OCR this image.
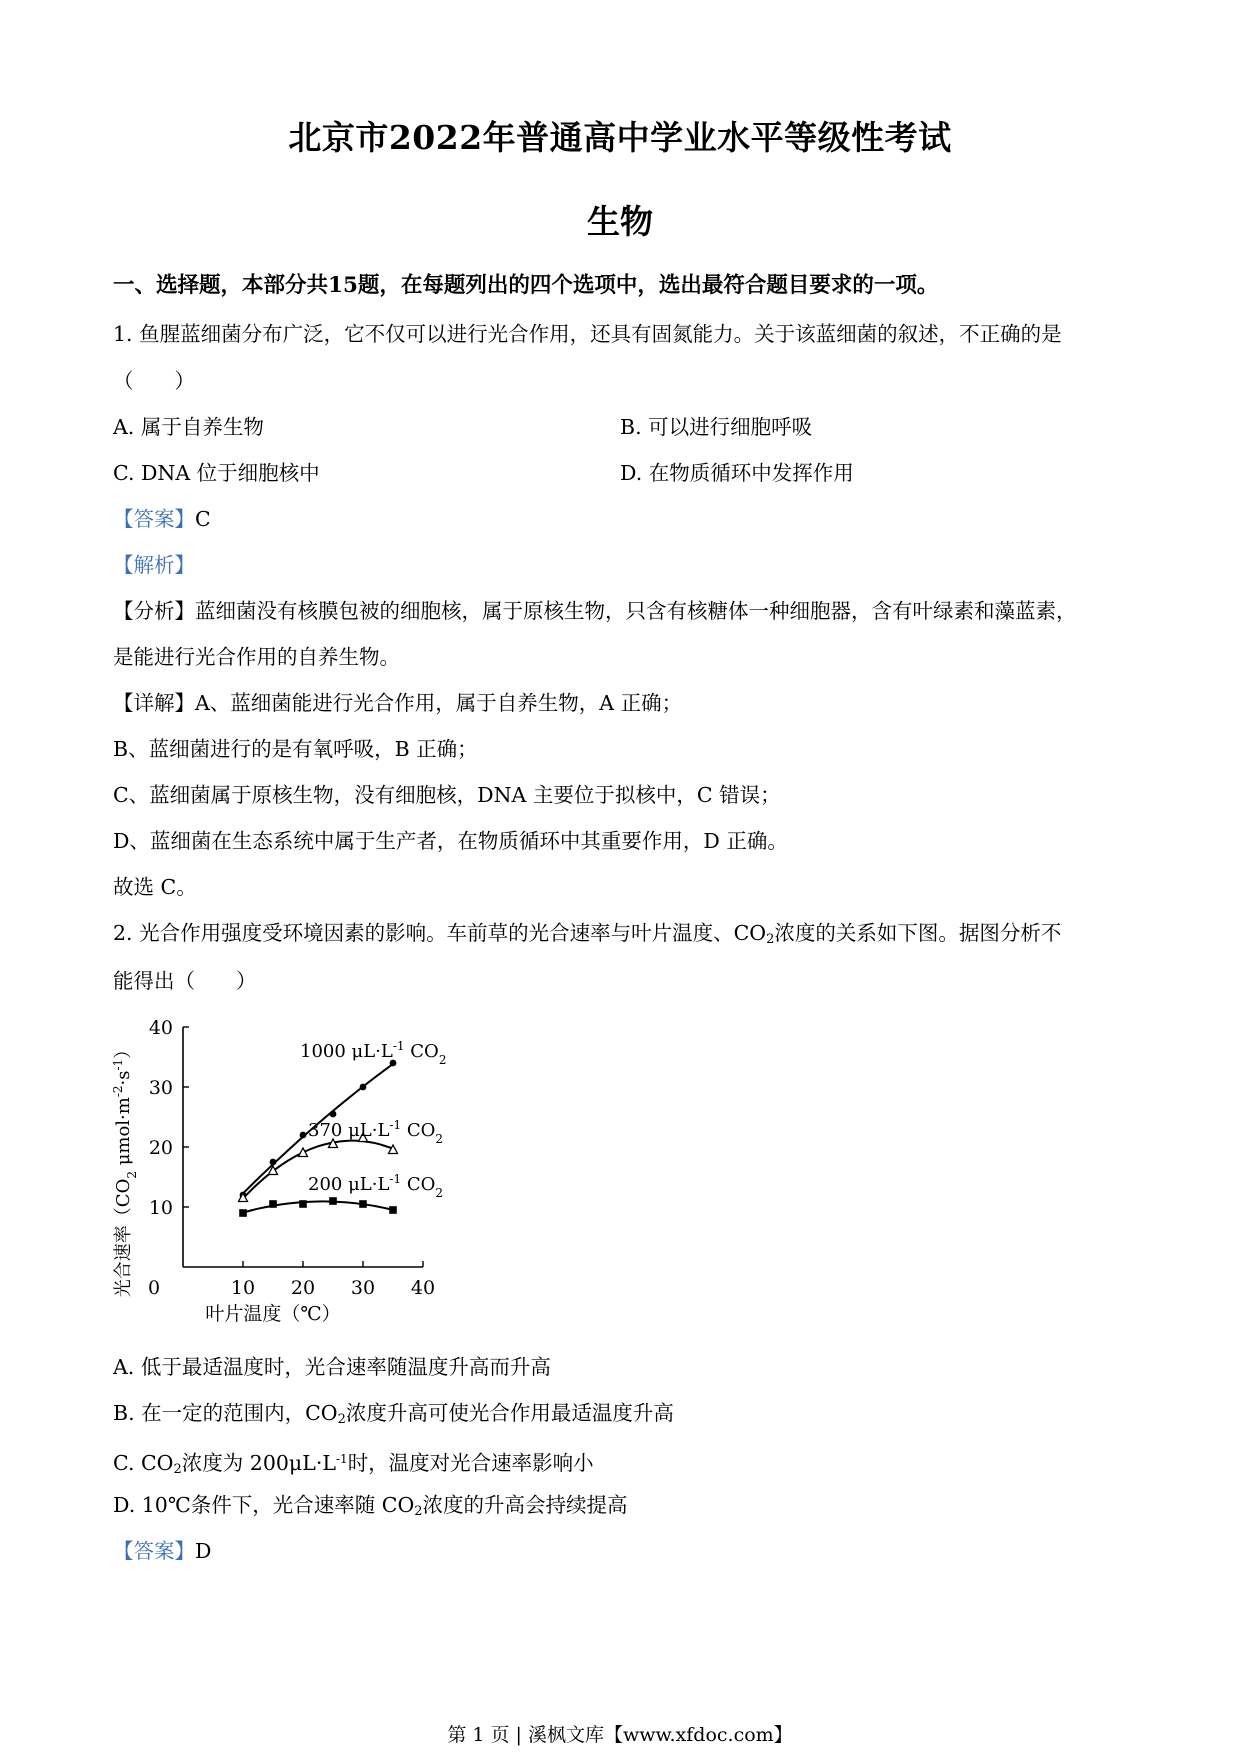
北京市2022年普通高中学业水平等级性考试
生物
一、选择题，本部分共15题，在每题列出的四个选项中，选出最符合题目要求的一项。
1. 鱼腥蓝细菌分布广泛，它不仅可以进行光合作用，还具有固氮能力。关于该蓝细菌的叙述，不正确的是
（　　）
A. 属于自养生物	B. 可以进行细胞呼吸
C. DNA 位于细胞核中	D. 在物质循环中发挥作用
【答案】C
【解析】
【分析】蓝细菌没有核膜包被的细胞核，属于原核生物，只含有核糖体一种细胞器，含有叶绿素和藻蓝素，
是能进行光合作用的自养生物。
【详解】A、蓝细菌能进行光合作用，属于自养生物，A 正确；
B、蓝细菌进行的是有氧呼吸，B 正确；
C、蓝细菌属于原核生物，没有细胞核，DNA 主要位于拟核中，C 错误；
D、蓝细菌在生态系统中属于生产者，在物质循环中其重要作用，D 正确。
故选 C。
2. 光合作用强度受环境因素的影响。车前草的光合速率与叶片温度、$CO_2$浓度的关系如下图。据图分析不
能得出（　　）
10
20
30
40
0	10 20 30 40
叶片温度（℃）
光合速率（$CO_2$ $\mu mol\cdot m^{-2}\cdot s^{-1}$）	1000 $\mu L\cdot L^{-1}$ $CO_2$
370 $\mu L\cdot L^{-1}$ $CO_2$
200 $\mu L\cdot L^{-1}$ $CO_2$
A. 低于最适温度时，光合速率随温度升高而升高
B. 在一定的范围内，$CO_2$浓度升高可使光合作用最适温度升高
C. $CO_2$浓度为 $200\mu L\cdot L^{-1}$时，温度对光合速率影响小
D. 10℃条件下，光合速率随 $CO_2$浓度的升高会持续提高
【答案】D
第 1 页 | 溪枫文库【www.xfdoc.com】
